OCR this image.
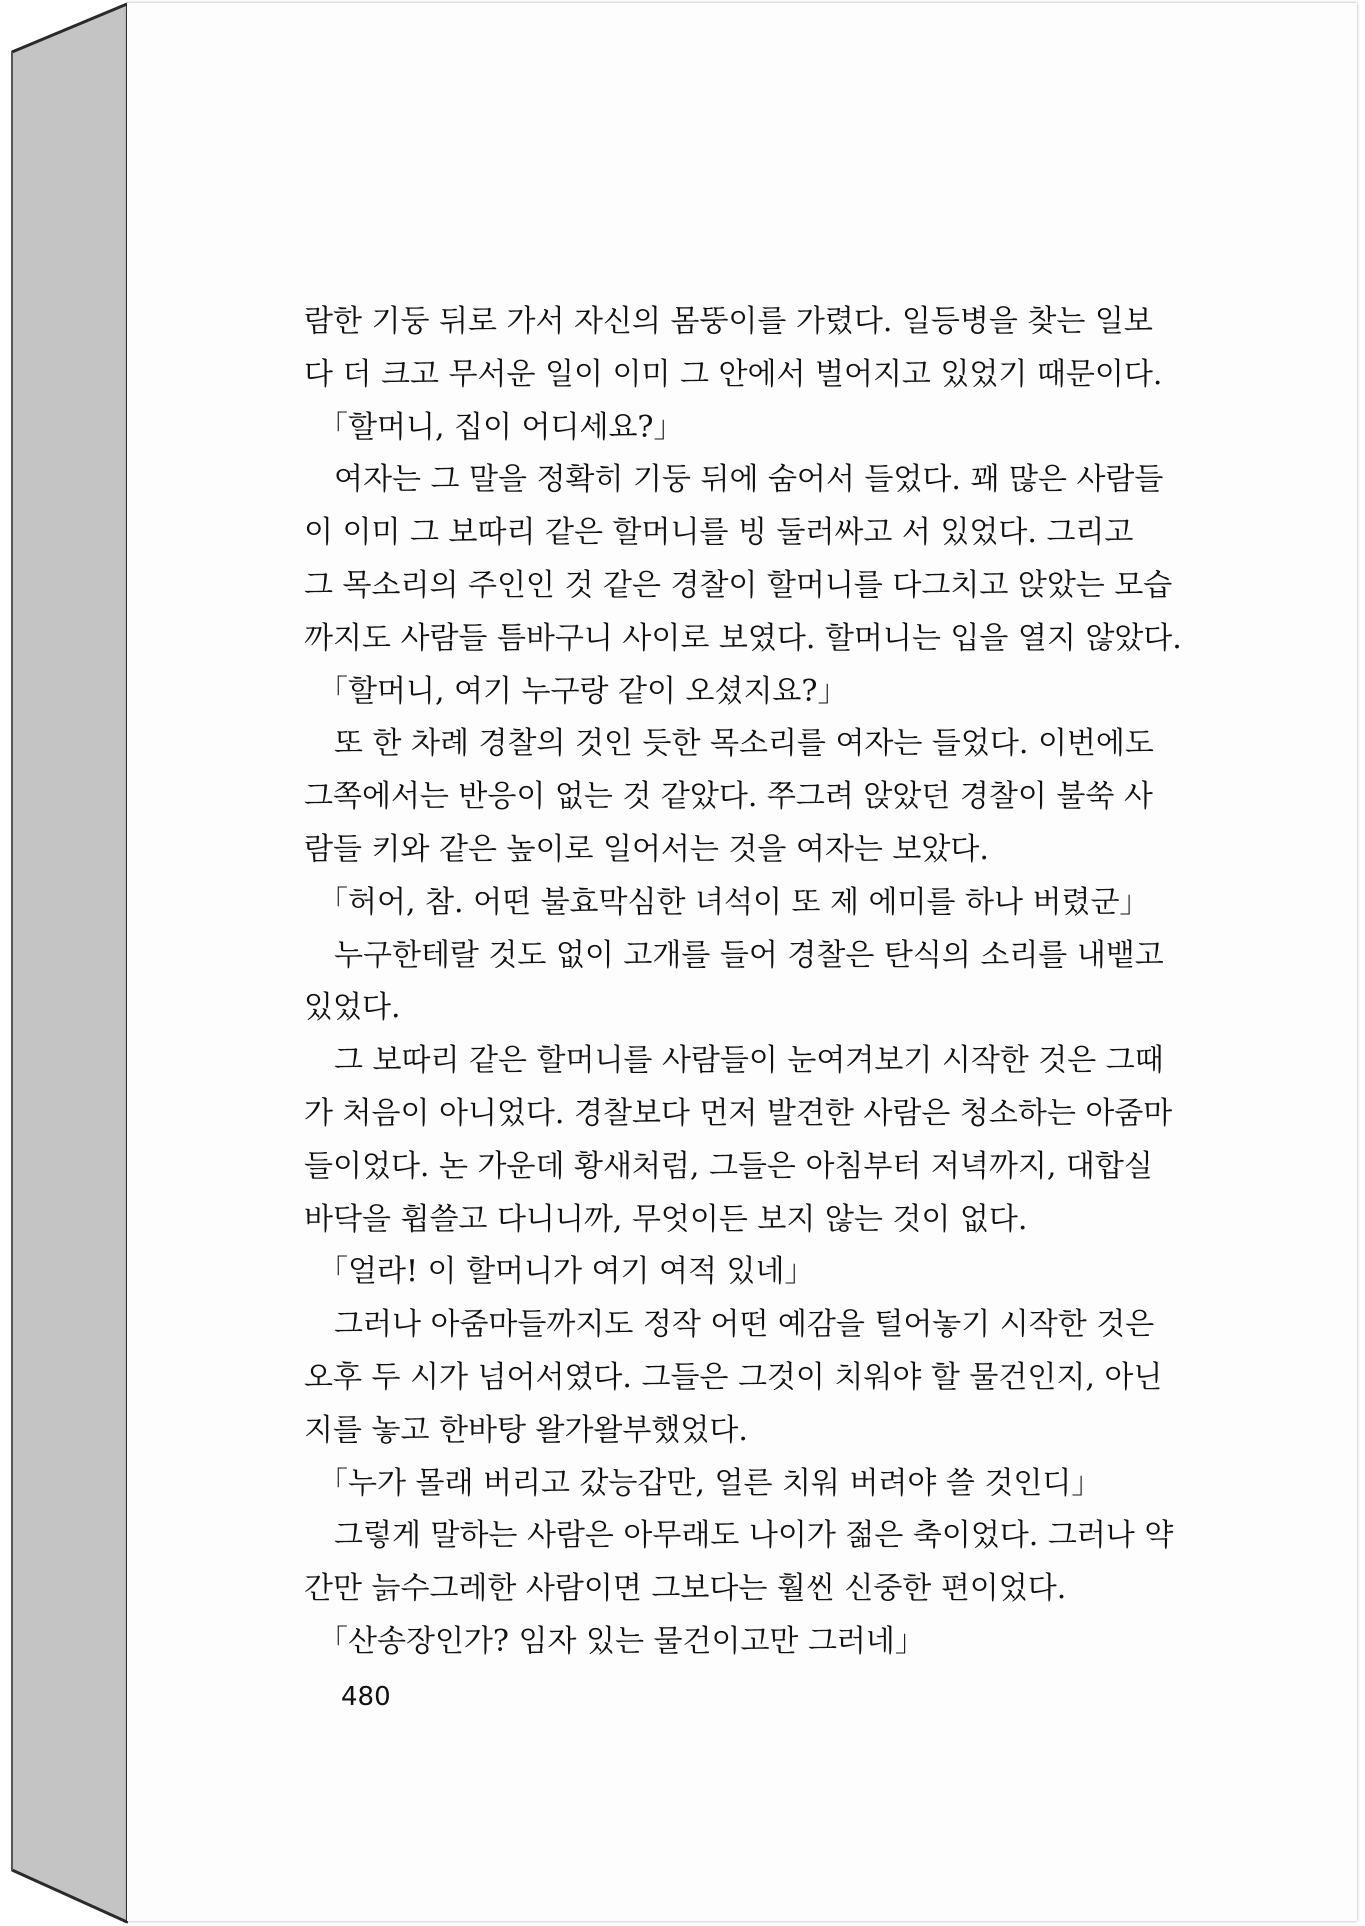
람한 기둥 뒤로 가서 자신의 몸뚱이를 가렸다. 일등병을 찾는 일보
다 더 크고 무서운 일이 이미 그 안에서 벌어지고 있었기 때문이다.
「할머니, 집이 어디세요?」
여자는 그 말을 정확히 기둥 뒤에 숨어서 들었다. 꽤 많은 사람들
이 이미 그 보따리 같은 할머니를 빙 둘러싸고 서 있었다. 그리고
그 목소리의 주인인 것 같은 경찰이 할머니를 다그치고 앉았는 모습
까지도 사람들 틈바구니 사이로 보였다. 할머니는 입을 열지 않았다.
「할머니, 여기 누구랑 같이 오셨지요?」
또 한 차례 경찰의 것인 듯한 목소리를 여자는 들었다. 이번에도
그쪽에서는 반응이 없는 것 같았다. 쭈그려 앉았던 경찰이 불쑥 사
람들 키와 같은 높이로 일어서는 것을 여자는 보았다.
「허어, 참. 어떤 불효막심한 녀석이 또 제 에미를 하나 버렸군」
누구한테랄 것도 없이 고개를 들어 경찰은 탄식의 소리를 내뱉고
있었다.
그 보따리 같은 할머니를 사람들이 눈여겨보기 시작한 것은 그때
가 처음이 아니었다. 경찰보다 먼저 발견한 사람은 청소하는 아줌마
들이었다. 논 가운데 황새처럼, 그들은 아침부터 저녁까지, 대합실
바닥을 휩쓸고 다니니까, 무엇이든 보지 않는 것이 없다.
「얼라! 이 할머니가 여기 여적 있네」
그러나 아줌마들까지도 정작 어떤 예감을 털어놓기 시작한 것은
오후 두 시가 넘어서였다. 그들은 그것이 치워야 할 물건인지, 아닌
지를 놓고 한바탕 왈가왈부했었다.
「누가 몰래 버리고 갔능갑만, 얼른 치워 버려야 쓸 것인디」
그렇게 말하는 사람은 아무래도 나이가 젊은 축이었다. 그러나 약
간만 늙수그레한 사람이면 그보다는 훨씬 신중한 편이었다.
「산송장인가? 임자 있는 물건이고만 그러네」
480
